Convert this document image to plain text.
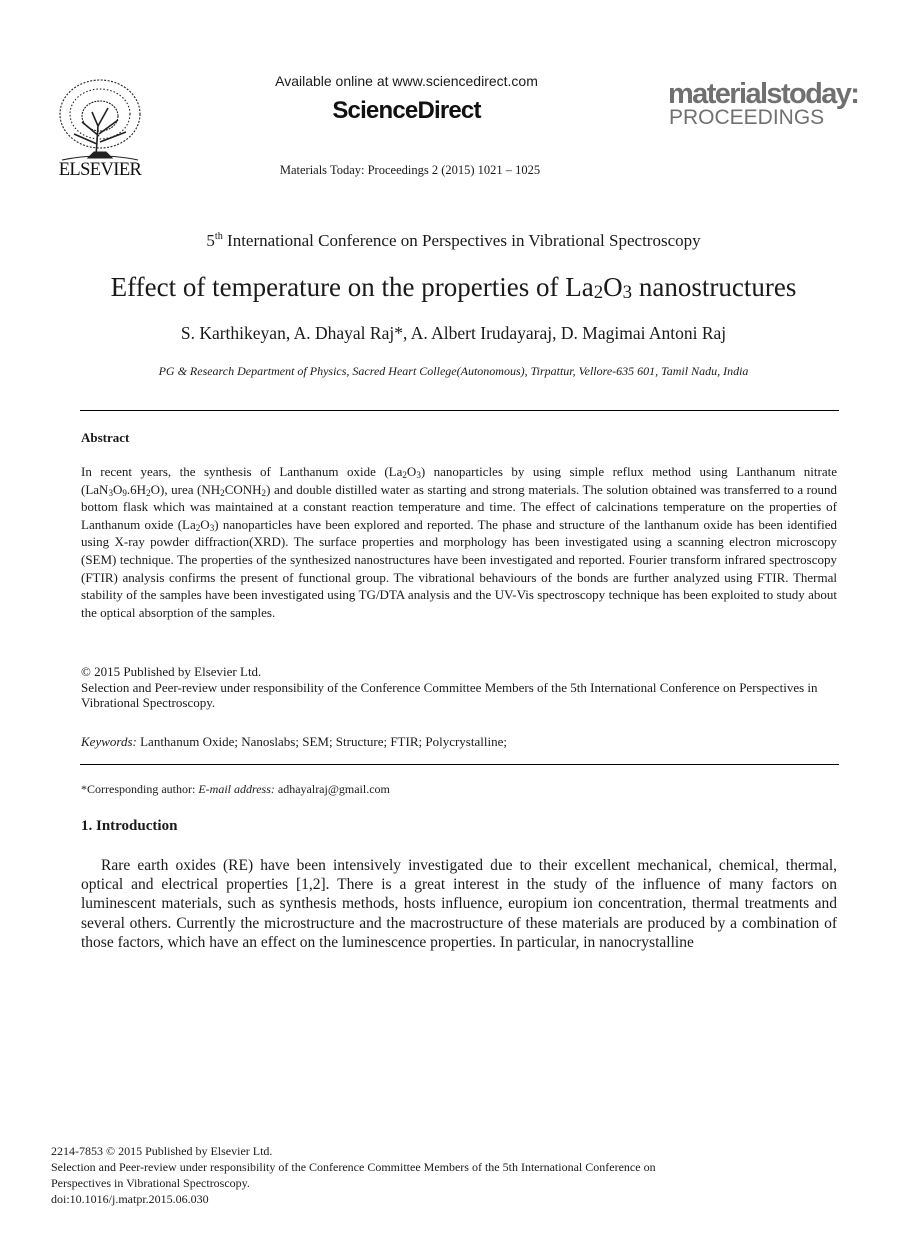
ELSEVIER
Available online at www.sciencedirect.com
ScienceDirect
Materials Today: Proceedings 2 (2015) 1021 – 1025
materialstoday:
PROCEEDINGS
5th International Conference on Perspectives in Vibrational Spectroscopy
Effect of temperature on the properties of $La_2O_3$ nanostructures
S. Karthikeyan, A. Dhayal Raj*, A. Albert Irudayaraj, D. Magimai Antoni Raj
PG & Research Department of Physics, Sacred Heart College(Autonomous), Tirpattur, Vellore-635 601, Tamil Nadu, India
Abstract
In recent years, the synthesis of Lanthanum oxide $(La_2O_3)$ nanoparticles by using simple reflux method using Lanthanum nitrate $(LaN_3O_9.6H_2O)$, urea $(NH_2CONH_2)$ and double distilled water as starting and strong materials. The solution obtained was transferred to a round bottom flask which was maintained at a constant reaction temperature and time. The effect of calcinations temperature on the properties of Lanthanum oxide $(La_2O_3)$ nanoparticles have been explored and reported. The phase and structure of the lanthanum oxide has been identified using X-ray powder diffraction(XRD). The surface properties and morphology has been investigated using a scanning electron microscopy (SEM) technique. The properties of the synthesized nanostructures have been investigated and reported. Fourier transform infrared spectroscopy (FTIR) analysis confirms the present of functional group. The vibrational behaviours of the bonds are further analyzed using FTIR. Thermal stability of the samples have been investigated using TG/DTA analysis and the UV-Vis spectroscopy technique has been exploited to study about the optical absorption of the samples.
© 2015 Published by Elsevier Ltd.
Selection and Peer-review under responsibility of the Conference Committee Members of the 5th International Conference on Perspectives in Vibrational Spectroscopy.
Keywords: Lanthanum Oxide; Nanoslabs; SEM; Structure; FTIR; Polycrystalline;
*Corresponding author: E-mail address: adhayalraj@gmail.com
1. Introduction
Rare earth oxides (RE) have been intensively investigated due to their excellent mechanical, chemical, thermal, optical and electrical properties [1,2]. There is a great interest in the study of the influence of many factors on luminescent materials, such as synthesis methods, hosts influence, europium ion concentration, thermal treatments and several others. Currently the microstructure and the macrostructure of these materials are produced by a combination of those factors, which have an effect on the luminescence properties. In particular, in nanocrystalline
2214-7853 © 2015 Published by Elsevier Ltd.
Selection and Peer-review under responsibility of the Conference Committee Members of the 5th International Conference on
Perspectives in Vibrational Spectroscopy.
doi:10.1016/j.matpr.2015.06.030
